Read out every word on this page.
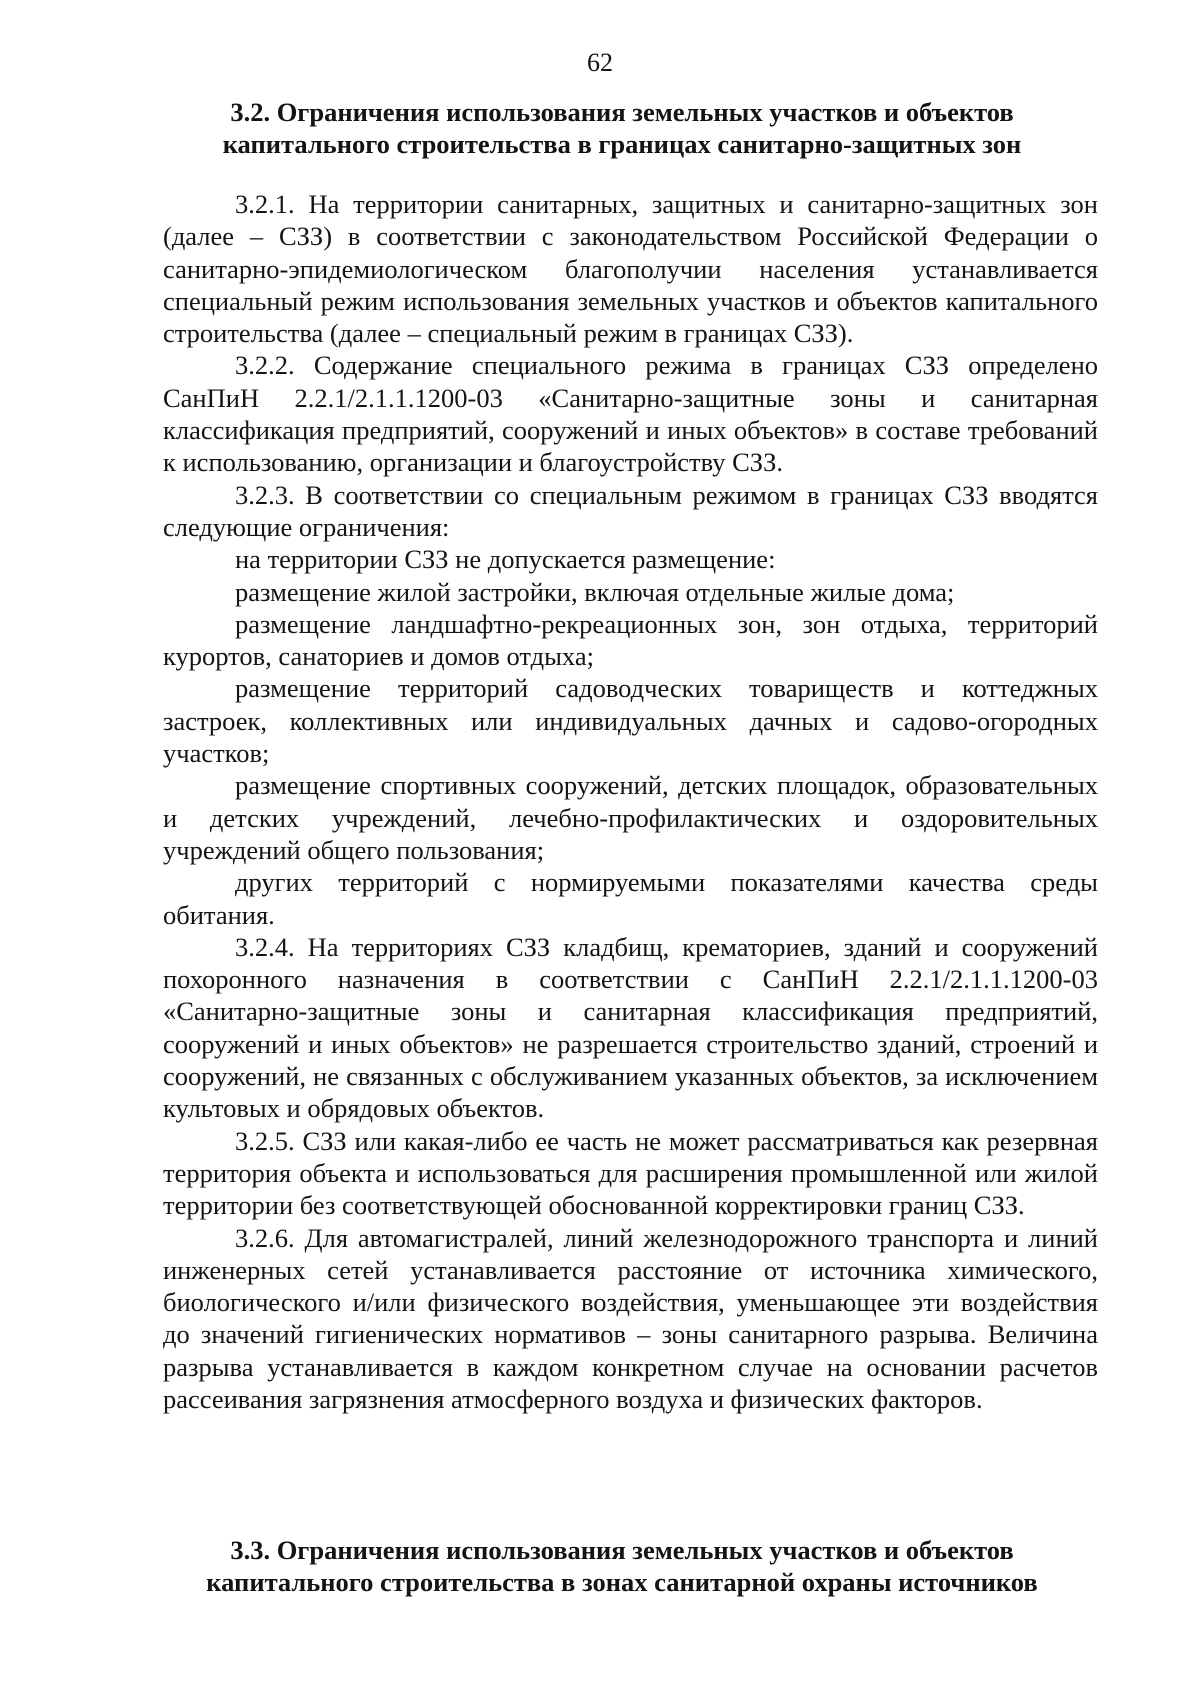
62
3.2. Ограничения использования земельных участков и объектов
капитального строительства в границах санитарно-защитных зон

3.2.1. На территории санитарных, защитных и санитарно-защитных зон (далее – СЗЗ) в соответствии с законодательством Российской Федерации о санитарно-эпидемиологическом благополучии населения устанавливается специальный режим использования земельных участков и объектов капитального строительства (далее – специальный режим в границах СЗЗ).

3.2.2. Содержание специального режима в границах СЗЗ определено СанПиН 2.2.1/2.1.1.1200-03 «Санитарно-защитные зоны и санитарная классификация предприятий, сооружений и иных объектов» в составе требований к использованию, организации и благоустройству СЗЗ.

3.2.3. В соответствии со специальным режимом в границах СЗЗ вводятся следующие ограничения:

на территории СЗЗ не допускается размещение:

размещение жилой застройки, включая отдельные жилые дома;

размещение ландшафтно-рекреационных зон, зон отдыха, территорий курортов, санаториев и домов отдыха;

размещение территорий садоводческих товариществ и коттеджных застроек, коллективных или индивидуальных дачных и садово-огородных участков;

размещение спортивных сооружений, детских площадок, образовательных и детских учреждений, лечебно-профилактических и оздоровительных учреждений общего пользования;

других территорий с нормируемыми показателями качества среды обитания.

3.2.4. На территориях СЗЗ кладбищ, крематориев, зданий и сооружений похоронного назначения в соответствии с СанПиН 2.2.1/2.1.1.1200-03 «Санитарно-защитные зоны и санитарная классификация предприятий, сооружений и иных объектов» не разрешается строительство зданий, строений и сооружений, не связанных с обслуживанием указанных объектов, за исключением культовых и обрядовых объектов.

3.2.5. СЗЗ или какая-либо ее часть не может рассматриваться как резервная территория объекта и использоваться для расширения промышленной или жилой территории без соответствующей обоснованной корректировки границ СЗЗ.

3.2.6. Для автомагистралей, линий железнодорожного транспорта и линий инженерных сетей устанавливается расстояние от источника химического, биологического и/или физического воздействия, уменьшающее эти воздействия до значений гигиенических нормативов – зоны санитарного разрыва. Величина разрыва устанавливается в каждом конкретном случае на основании расчетов рассеивания загрязнения атмосферного воздуха и физических факторов.

3.3. Ограничения использования земельных участков и объектов
капитального строительства в зонах санитарной охраны источников
